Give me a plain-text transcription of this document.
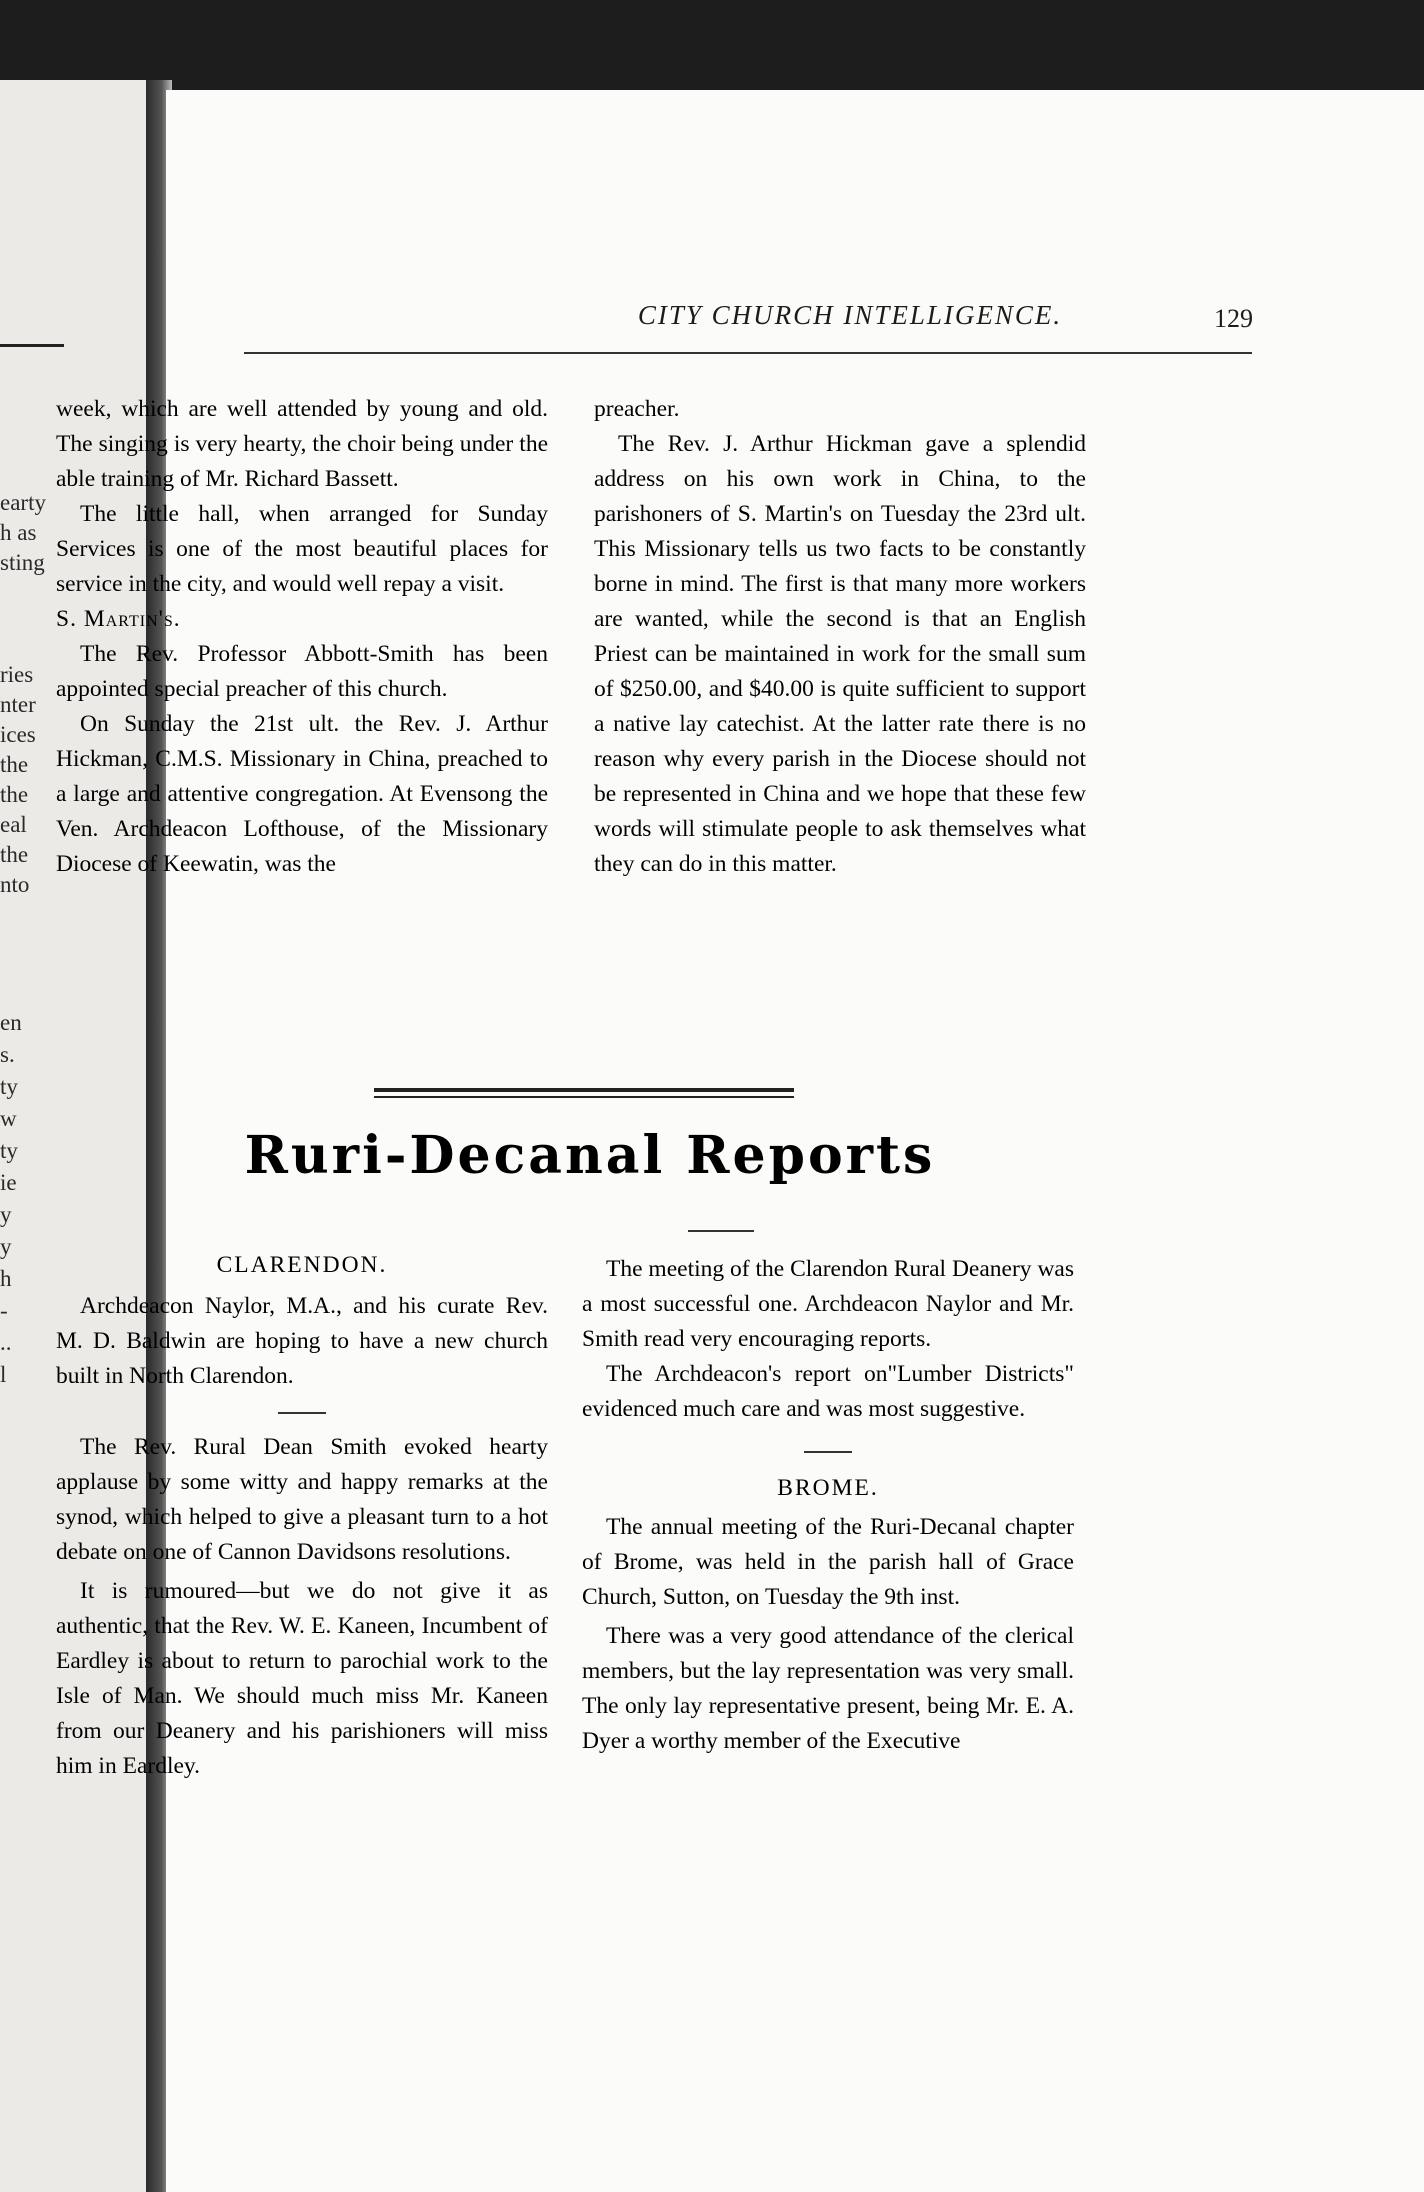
earty
h as
sting
ries
nter
ices
the
the
eal
the
nto
en
s.
ty
w
ty
ie
y
y
h
-
..
l
CITY CHURCH INTELLIGENCE.	129

week, which are well attended by young and old. The singing is very hearty, the choir being under the able training of Mr. Richard Bassett.

The little hall, when arranged for Sunday Services is one of the most beautiful places for service in the city, and would well repay a visit.

S. Martin's.

The Rev. Professor Abbott-Smith has been appointed special preacher of this church.

On Sunday the 21st ult. the Rev. J. Arthur Hickman, C.M.S. Missionary in China, preached to a large and attentive congregation. At Evensong the Ven. Archdeacon Lofthouse, of the Missionary Diocese of Keewatin, was the

preacher.

The Rev. J. Arthur Hickman gave a splendid address on his own work in China, to the parishoners of S. Martin's on Tuesday the 23rd ult. This Missionary tells us two facts to be constantly borne in mind. The first is that many more workers are wanted, while the second is that an English Priest can be maintained in work for the small sum of $250.00, and $40.00 is quite sufficient to support a native lay catechist. At the latter rate there is no reason why every parish in the Diocese should not be represented in China and we hope that these few words will stimulate people to ask themselves what they can do in this matter.

Ruri-Decanal Reports

CLARENDON.

Archdeacon Naylor, M.A., and his curate Rev. M. D. Baldwin are hoping to have a new church built in North Clarendon.

The Rev. Rural Dean Smith evoked hearty applause by some witty and happy remarks at the synod, which helped to give a pleasant turn to a hot debate on one of Cannon Davidsons resolutions.

It is rumoured—but we do not give it as authentic, that the Rev. W. E. Kaneen, Incumbent of Eardley is about to return to parochial work to the Isle of Man. We should much miss Mr. Kaneen from our Deanery and his parishioners will miss him in Eardley.

The meeting of the Clarendon Rural Deanery was a most successful one. Archdeacon Naylor and Mr. Smith read very encouraging reports.

The Archdeacon's report on"Lumber Districts" evidenced much care and was most suggestive.

BROME.

The annual meeting of the Ruri-Decanal chapter of Brome, was held in the parish hall of Grace Church, Sutton, on Tuesday the 9th inst.

There was a very good attendance of the clerical members, but the lay representation was very small. The only lay representative present, being Mr. E. A. Dyer a worthy member of the Executive
